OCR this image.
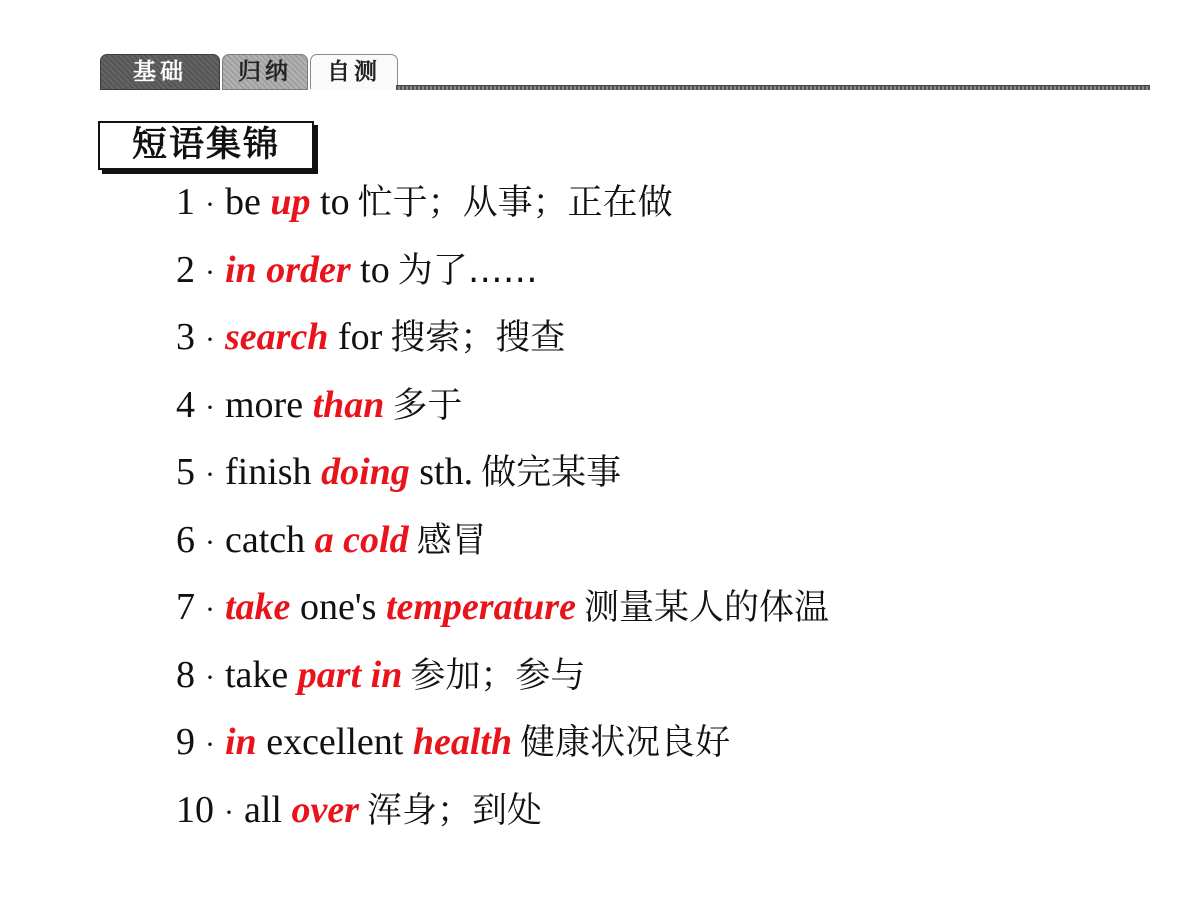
基础	归纳	自测
短语集锦
1 · be up to 忙于；从事；正在做
2 · in order to 为了……
3 · search for 搜索；搜查
4 · more than 多于
5 · finish doing sth. 做完某事
6 · catch a cold 感冒
7 · take one's temperature 测量某人的体温
8 · take part in 参加；参与
9 · in excellent health 健康状况良好
10 · all over 浑身；到处
